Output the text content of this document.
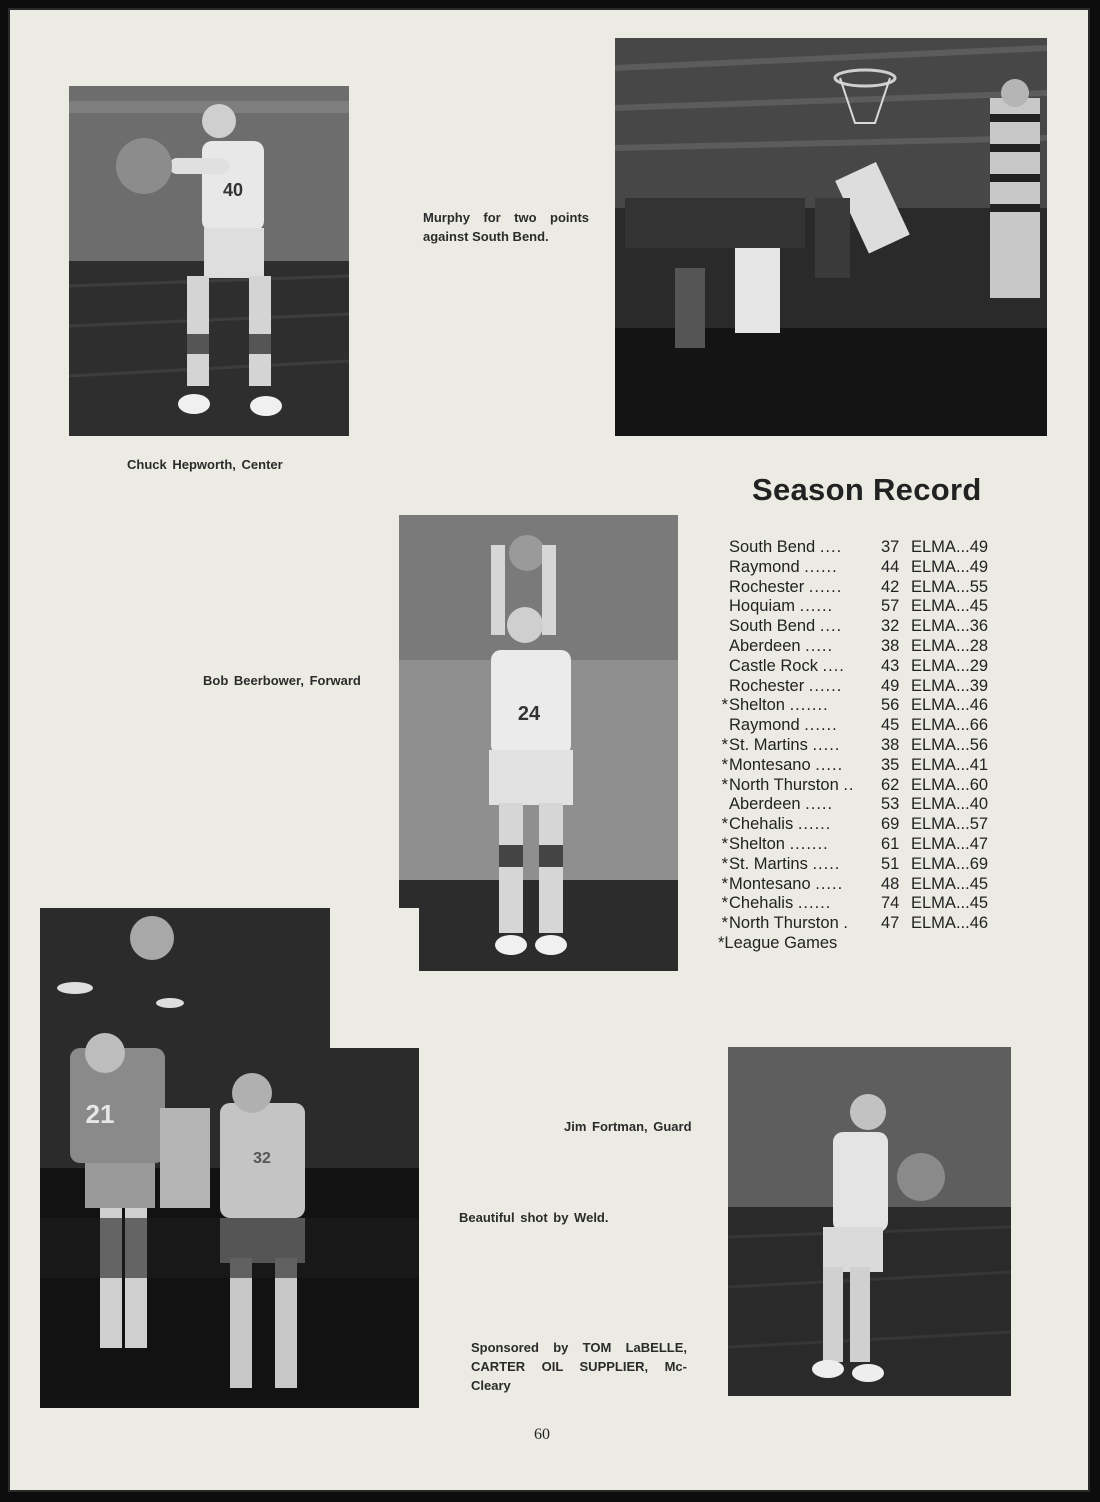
40

Chuck Hepworth, Center

Murphy for two points
against South Bend.

24

Bob Beerbower, Forward

Season Record
South Bend .... 37 ELMA...49
Raymond ......	44 ELMA...49
Rochester ...... 42 ELMA...55
Hoquiam ......	57 ELMA...45
South Bend .... 32 ELMA...36
Aberdeen .....	38 ELMA...28
Castle Rock .... 43 ELMA...29
Rochester ...... 49 ELMA...39
*Shelton .......	56 ELMA...46
Raymond ......	45 ELMA...66
*St. Martins ..... 38 ELMA...56
*Montesano ..... 35 ELMA...41
*North Thurston .. 62 ELMA...60
Aberdeen .....	53 ELMA...40
*Chehalis ......	69 ELMA...57
*Shelton .......	61 ELMA...47
*St. Martins ..... 51 ELMA...69
*Montesano ..... 48 ELMA...45
*Chehalis ......	74 ELMA...45
*North Thurston . 47 ELMA...46
*League Games
21
32

Beautiful shot by Weld.

Jim Fortman, Guard

Sponsored by TOM LaBELLE,
CARTER OIL SUPPLIER, Mc-
Cleary

60
